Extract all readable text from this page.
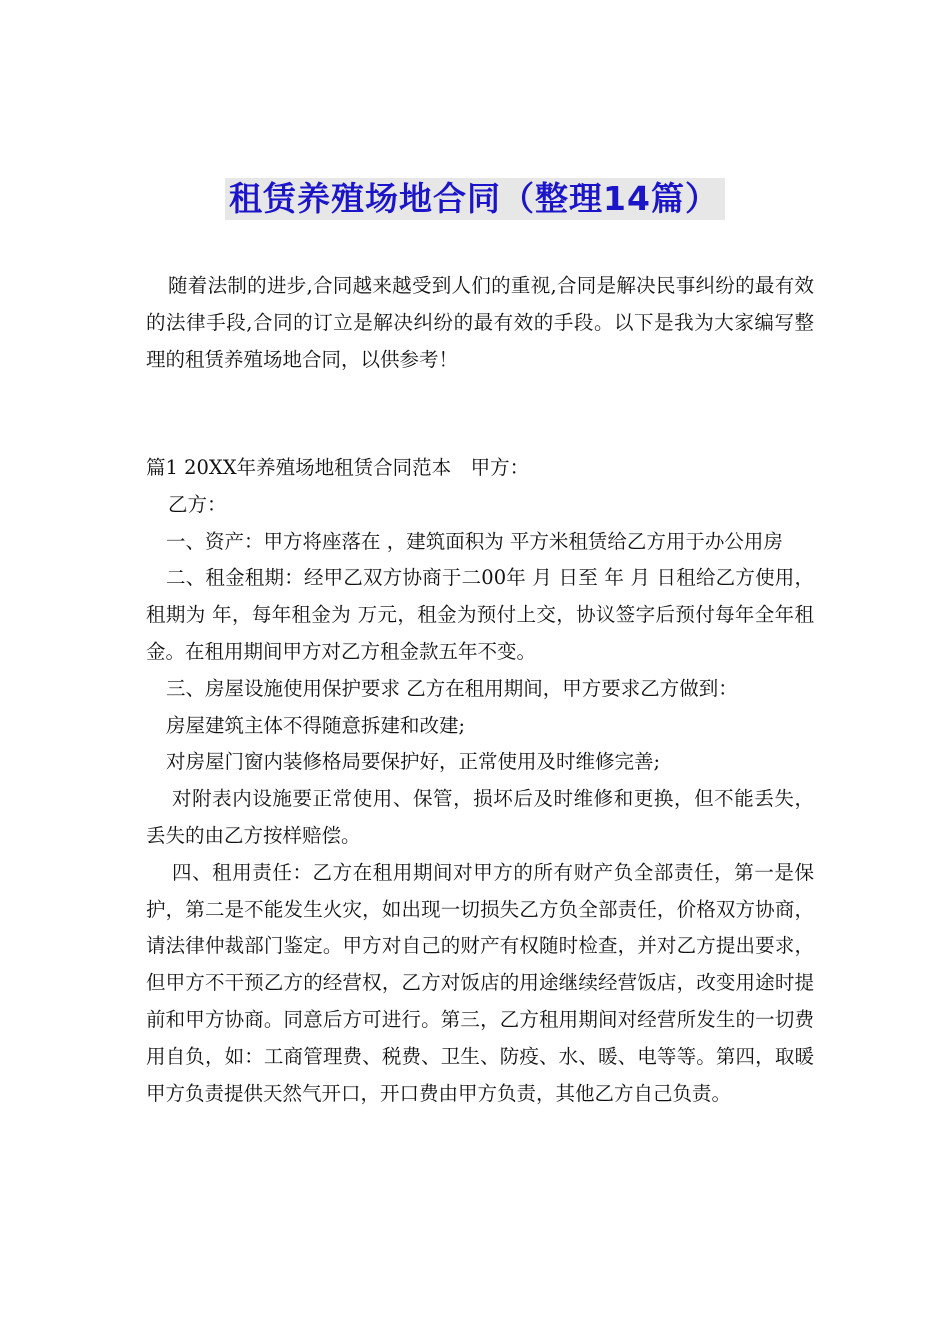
租赁养殖场地合同（整理14篇）

随着法制的进步,合同越来越受到人们的重视,合同是解决民事纠纷的最有效的法律手段,合同的订立是解决纠纷的最有效的手段。以下是我为大家编写整理的租赁养殖场地合同，以供参考！

篇1 20XX年养殖场地租赁合同范本　甲方：

乙方：

一、资产：甲方将座落在 ，建筑面积为 平方米租赁给乙方用于办公用房

二、租金租期：经甲乙双方协商于二00年 月 日至 年 月 日租给乙方使用，租期为 年，每年租金为 万元，租金为预付上交，协议签字后预付每年全年租金。在租用期间甲方对乙方租金款五年不变。

三、房屋设施使用保护要求 乙方在租用期间，甲方要求乙方做到：

房屋建筑主体不得随意拆建和改建;

对房屋门窗内装修格局要保护好，正常使用及时维修完善;

对附表内设施要正常使用、保管，损坏后及时维修和更换，但不能丢失，丢失的由乙方按样赔偿。

四、租用责任：乙方在租用期间对甲方的所有财产负全部责任，第一是保护，第二是不能发生火灾，如出现一切损失乙方负全部责任，价格双方协商，请法律仲裁部门鉴定。甲方对自己的财产有权随时检查，并对乙方提出要求，但甲方不干预乙方的经营权，乙方对饭店的用途继续经营饭店，改变用途时提前和甲方协商。同意后方可进行。第三，乙方租用期间对经营所发生的一切费用自负，如：工商管理费、税费、卫生、防疫、水、暖、电等等。第四，取暖甲方负责提供天然气开口，开口费由甲方负责，其他乙方自己负责。
